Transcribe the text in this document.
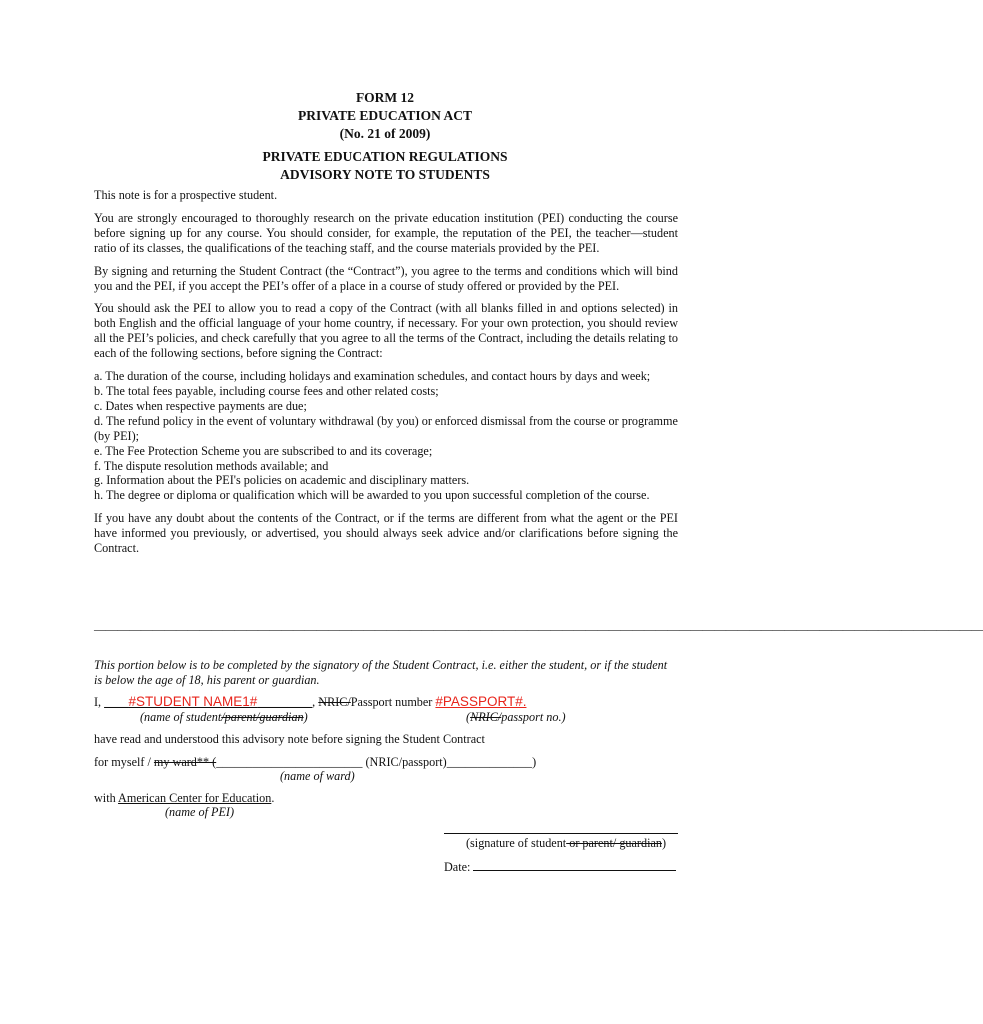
FORM 12
PRIVATE EDUCATION ACT
(No. 21 of 2009)
PRIVATE EDUCATION REGULATIONS
ADVISORY NOTE TO STUDENTS

This note is for a prospective student.

You are strongly encouraged to thoroughly research on the private education institution (PEI) conducting the course before signing up for any course. You should consider, for example, the reputation of the PEI, the teacher—student ratio of its classes, the qualifications of the teaching staff, and the course materials provided by the PEI.

By signing and returning the Student Contract (the “Contract”), you agree to the terms and conditions which will bind you and the PEI, if you accept the PEI’s offer of a place in a course of study offered or provided by the PEI.

You should ask the PEI to allow you to read a copy of the Contract (with all blanks filled in and options selected) in both English and the official language of your home country, if necessary. For your own protection, you should review all the PEI’s policies, and check carefully that you agree to all the terms of the Contract, including the details relating to each of the following sections, before signing the Contract:

a. The duration of the course, including holidays and examination schedules, and contact hours by days and week;

b. The total fees payable, including course fees and other related costs;

c. Dates when respective payments are due;

d. The refund policy in the event of voluntary withdrawal (by you) or enforced dismissal from the course or programme (by PEI);

e. The Fee Protection Scheme you are subscribed to and its coverage;

f. The dispute resolution methods available; and

g. Information about the PEI's policies on academic and disciplinary matters.

h. The degree or diploma or qualification which will be awarded to you upon successful completion of the course.

If you have any doubt about the contents of the Contract, or if the terms are different from what the agent or the PEI have informed you previously, or advertised, you should always seek advice and/or clarifications before signing the Contract.

————————————————————————————————————————————————————————————————————————————
This portion below is to be completed by the signatory of the Student Contract, i.e. either the student, or if the student is below the age of 18, his parent or guardian.
I, ____#STUDENT NAME1#_________, NRIC/Passport number #PASSPORT#.
(name of student/parent/guardian)	(NRIC/passport no.)
have read and understood this advisory note before signing the Student Contract
for myself / my ward** (________________________ (NRIC/passport)______________)
(name of ward)
with American Center for Education.
(name of PEI)
(signature of student or parent/ guardian)
Date:
